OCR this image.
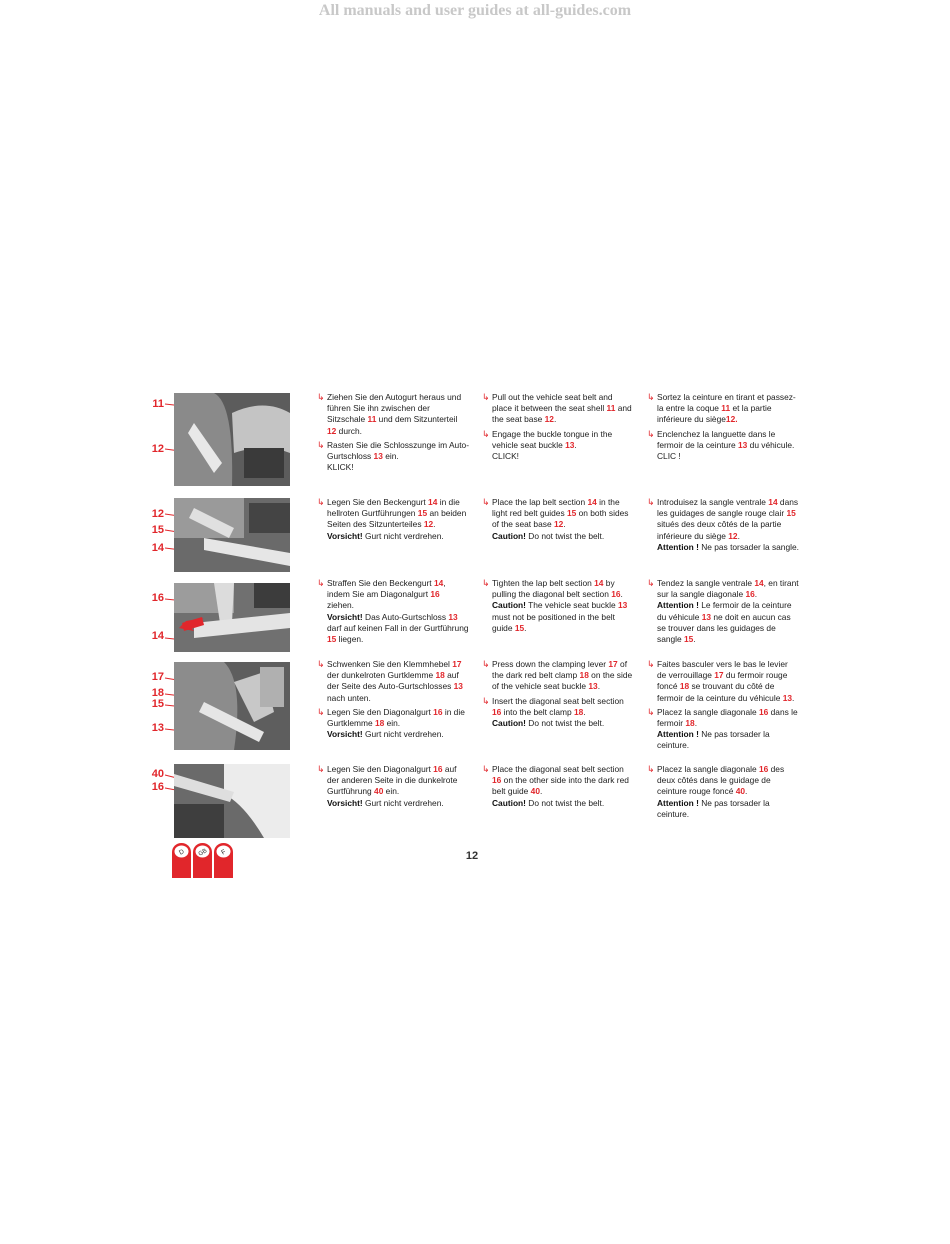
All manuals and user guides at all-guides.com
11
12

↳ Ziehen Sie den Autogurt heraus und führen Sie ihn zwischen der Sitzschale 11 und dem Sitzunterteil 12 durch.

↳ Rasten Sie die Schlosszunge im Auto-Gurtschloss 13 ein.

KLICK!

↳ Pull out the vehicle seat belt and place it between the seat shell 11 and the seat base 12.

↳ Engage the buckle tongue in the vehicle seat buckle 13.

CLICK!

↳ Sortez la ceinture en tirant et passez-la entre la coque 11 et la partie inférieure du siège12.

↳ Enclenchez la languette dans le fermoir de la ceinture 13 du véhicule.

CLIC !

12
15
14

↳ Legen Sie den Beckengurt 14 in die hellroten Gurtführungen 15 an beiden Seiten des Sitzunterteiles 12.

Vorsicht! Gurt nicht verdrehen.

↳ Place the lap belt section 14 in the light red belt guides 15 on both sides of the seat base 12.

Caution! Do not twist the belt.

↳ Introduisez la sangle ventrale 14 dans les guidages de sangle rouge clair 15 situés des deux côtés de la partie inférieure du siège 12.

Attention ! Ne pas torsader la sangle.

16
14

↳ Straffen Sie den Beckengurt 14, indem Sie am Diagonalgurt 16 ziehen.

Vorsicht! Das Auto-Gurtschloss 13 darf auf keinen Fall in der Gurtführung 15 liegen.

↳ Tighten the lap belt section 14 by pulling the diagonal belt section 16.

Caution! The vehicle seat buckle 13 must not be positioned in the belt guide 15.

↳ Tendez la sangle ventrale 14, en tirant sur la sangle diagonale 16.

Attention ! Le fermoir de la ceinture du véhicule 13 ne doit en aucun cas se trouver dans les guidages de sangle 15.

17
18
15
13

↳ Schwenken Sie den Klemmhebel 17 der dunkelroten Gurtklemme 18 auf der Seite des Auto-Gurtschlosses 13 nach unten.

↳ Legen Sie den Diagonalgurt 16 in die Gurtklemme 18 ein.

Vorsicht! Gurt nicht verdrehen.

↳ Press down the clamping lever 17 of the dark red belt clamp 18 on the side of the vehicle seat buckle 13.

↳ Insert the diagonal seat belt section 16 into the belt clamp 18.

Caution! Do not twist the belt.

↳ Faites basculer vers le bas le levier de verrouillage 17 du fermoir rouge foncé 18 se trouvant du côté de fermoir de la ceinture du véhicule 13.

↳ Placez la sangle diagonale 16 dans le fermoir 18.

Attention ! Ne pas torsader la ceinture.

40
16

↳ Legen Sie den Diagonalgurt 16 auf der anderen Seite in die dunkelrote Gurtführung 40 ein.

Vorsicht! Gurt nicht verdrehen.

↳ Place the diagonal seat belt section 16 on the other side into the dark red belt guide 40.

Caution! Do not twist the belt.

↳ Placez la sangle diagonale 16 des deux côtés dans le guidage de ceinture rouge foncé 40.

Attention ! Ne pas torsader la ceinture.

D GB F	12
